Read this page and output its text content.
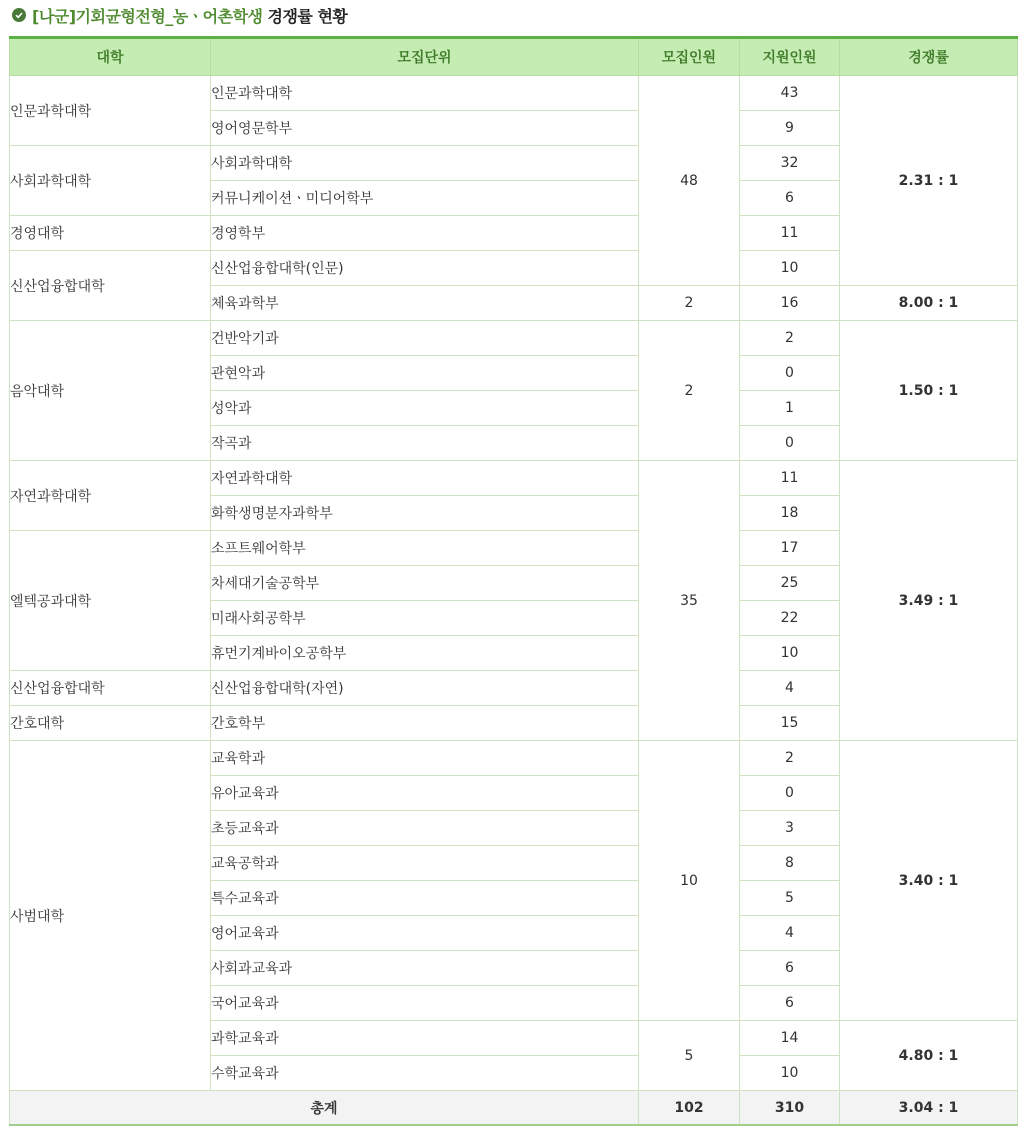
[나군]기회균형전형_농ㆍ어촌학생 경쟁률 현황
대학	모집단위	모집인원	지원인원	경쟁률
인문과학대학	인문과학대학	48	43	2.31 : 1
	영어영문학부		9	
사회과학대학	사회과학대학		32	
	커뮤니케이션ㆍ미디어학부		6	
경영대학	경영학부		11	
신산업융합대학	신산업융합대학(인문)		10	
	체육과학부	2	16	8.00 : 1
음악대학	건반악기과	2	2	1.50 : 1
	관현악과		0	
	성악과		1	
	작곡과		0	
자연과학대학	자연과학대학	35	11	3.49 : 1
	화학생명분자과학부		18	
엘텍공과대학	소프트웨어학부		17	
	차세대기술공학부		25	
	미래사회공학부		22	
	휴먼기계바이오공학부		10	
신산업융합대학	신산업융합대학(자연)		4	
간호대학	간호학부		15	
사범대학	교육학과	10	2	3.40 : 1
	유아교육과		0	
	초등교육과		3	
	교육공학과		8	
	특수교육과		5	
	영어교육과		4	
	사회과교육과		6	
	국어교육과		6	
	과학교육과	5	14	4.80 : 1
	수학교육과		10	
총계		102	310	3.04 : 1
